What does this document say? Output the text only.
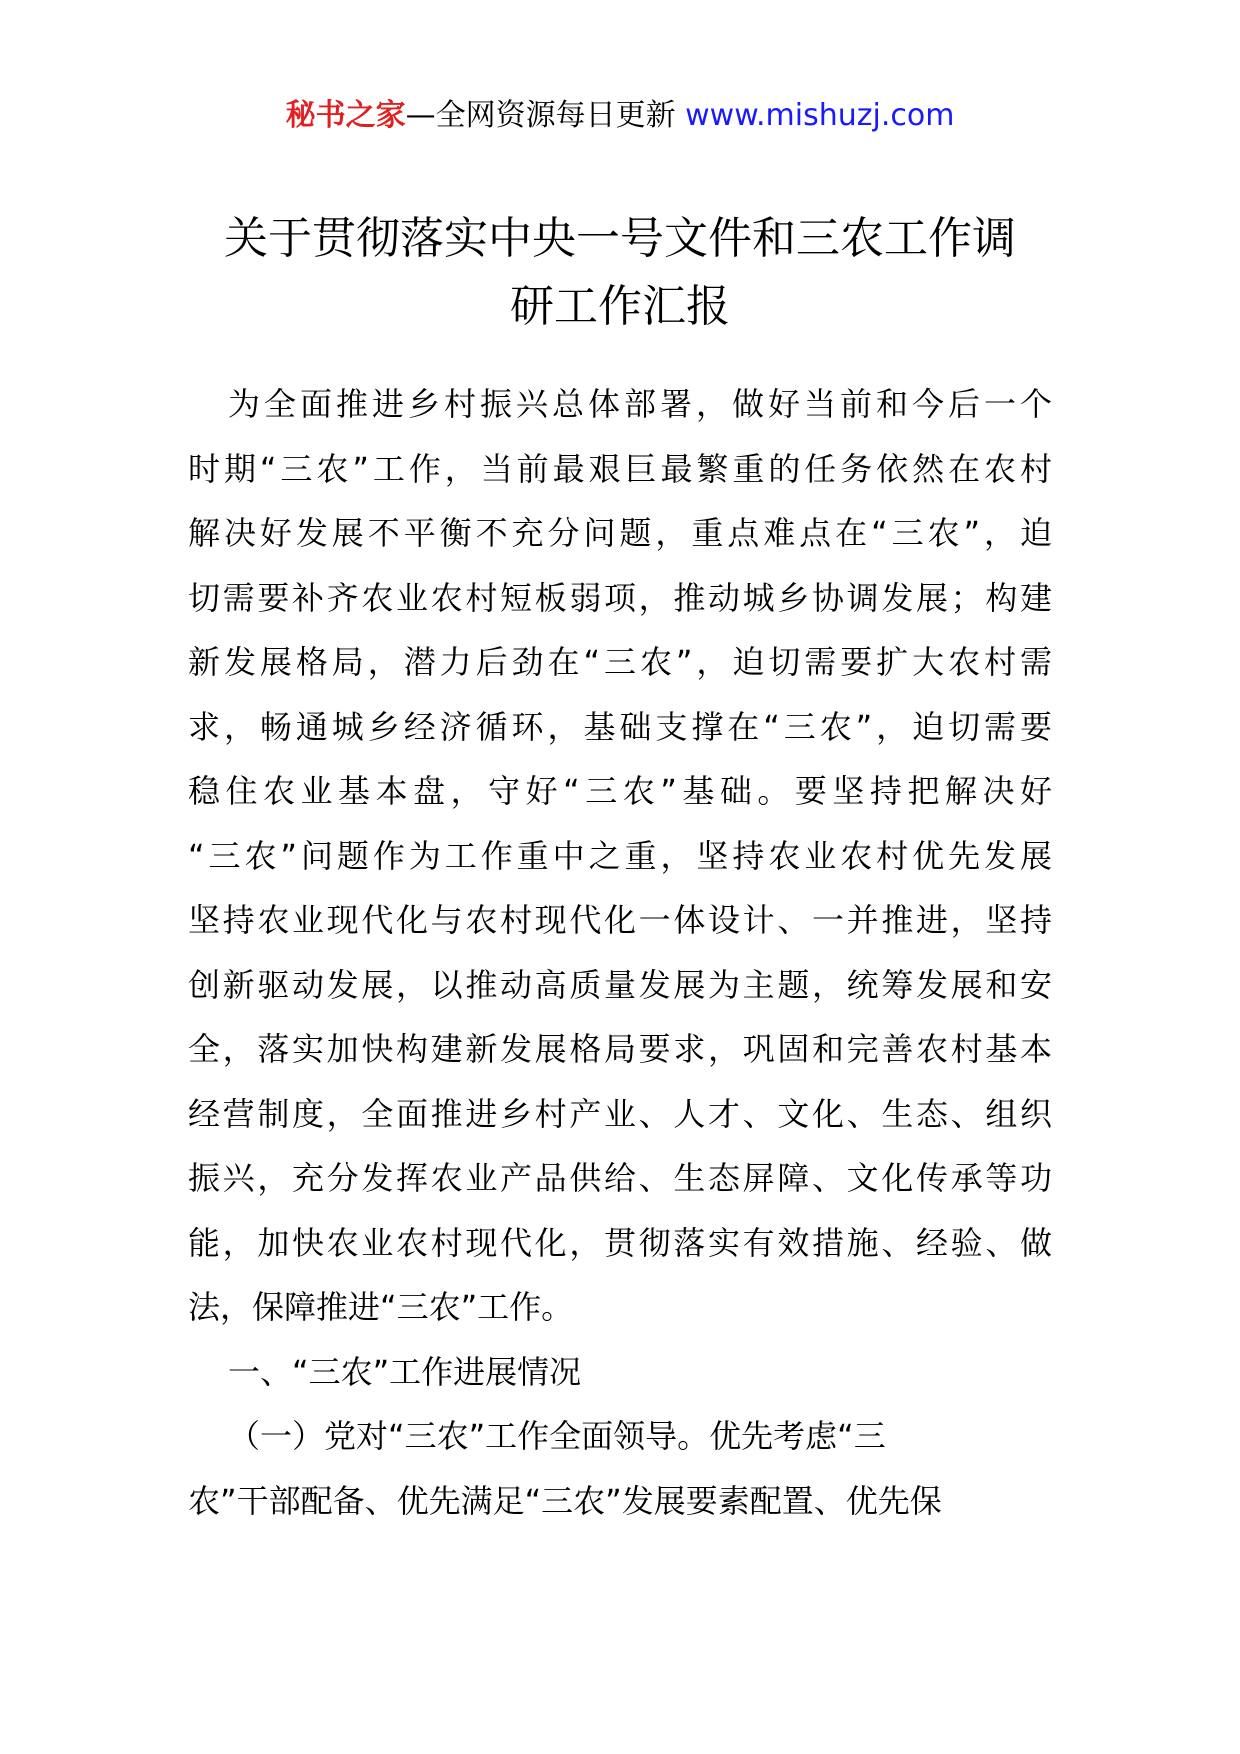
秘书之家—全网资源每日更新 www.mishuzj.com
关于贯彻落实中央一号文件和三农工作调
研工作汇报
为全面推进乡村振兴总体部署，做好当前和今后一个
时期“三农”工作，当前最艰巨最繁重的任务依然在农村
解决好发展不平衡不充分问题，重点难点在“三农”，迫
切需要补齐农业农村短板弱项，推动城乡协调发展；构建
新发展格局，潜力后劲在“三农”，迫切需要扩大农村需
求，畅通城乡经济循环，基础支撑在“三农”，迫切需要
稳住农业基本盘，守好“三农”基础。要坚持把解决好
“三农”问题作为工作重中之重，坚持农业农村优先发展
坚持农业现代化与农村现代化一体设计、一并推进，坚持
创新驱动发展，以推动高质量发展为主题，统筹发展和安
全，落实加快构建新发展格局要求，巩固和完善农村基本
经营制度，全面推进乡村产业、人才、文化、生态、组织
振兴，充分发挥农业产品供给、生态屏障、文化传承等功
能，加快农业农村现代化，贯彻落实有效措施、经验、做
法，保障推进“三农”工作。
一、“三农”工作进展情况
（一）党对“三农”工作全面领导。优先考虑“三
农”干部配备、优先满足“三农”发展要素配置、优先保
